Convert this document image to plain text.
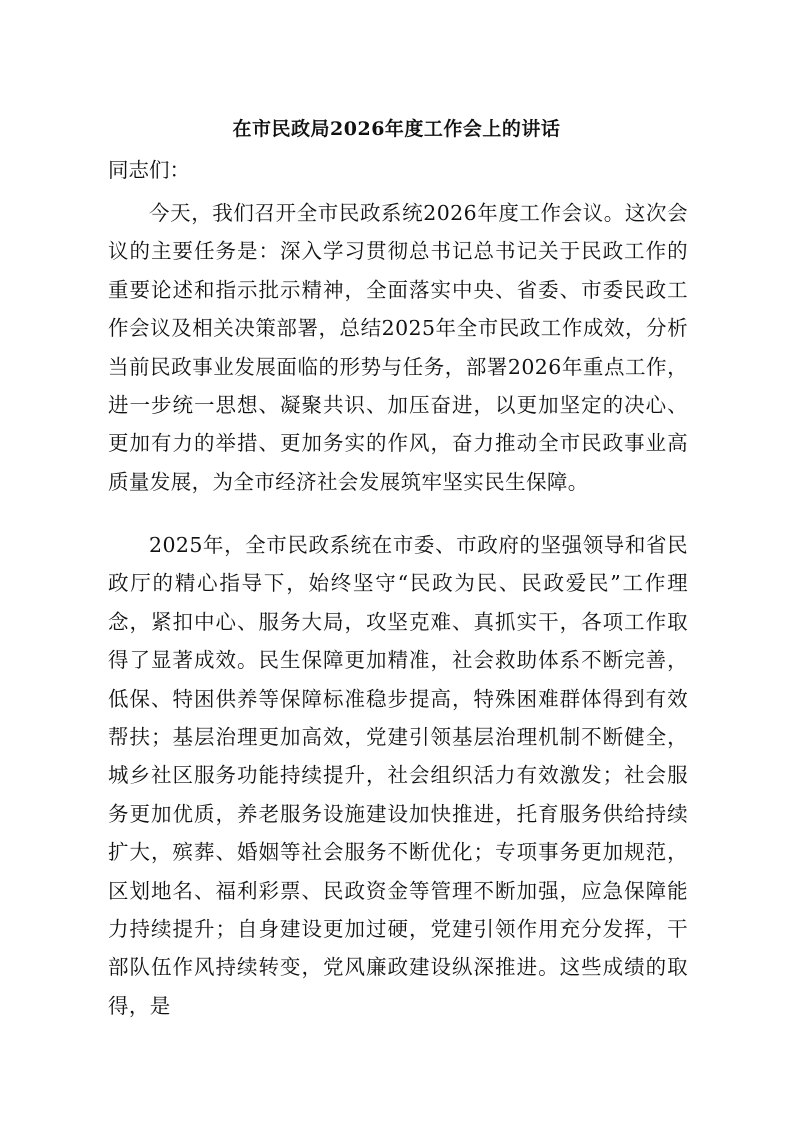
在市民政局2026年度工作会上的讲话
同志们：

今天，我们召开全市民政系统2026年度工作会议。这次会议的主要任务是：深入学习贯彻总书记总书记关于民政工作的重要论述和指示批示精神，全面落实中央、省委、市委民政工作会议及相关决策部署，总结2025年全市民政工作成效，分析当前民政事业发展面临的形势与任务，部署2026年重点工作，进一步统一思想、凝聚共识、加压奋进，以更加坚定的决心、更加有力的举措、更加务实的作风，奋力推动全市民政事业高质量发展，为全市经济社会发展筑牢坚实民生保障。

2025年，全市民政系统在市委、市政府的坚强领导和省民政厅的精心指导下，始终坚守“民政为民、民政爱民”工作理念，紧扣中心、服务大局，攻坚克难、真抓实干，各项工作取得了显著成效。民生保障更加精准，社会救助体系不断完善，低保、特困供养等保障标准稳步提高，特殊困难群体得到有效帮扶；基层治理更加高效，党建引领基层治理机制不断健全，城乡社区服务功能持续提升，社会组织活力有效激发；社会服务更加优质，养老服务设施建设加快推进，托育服务供给持续扩大，殡葬、婚姻等社会服务不断优化；专项事务更加规范，区划地名、福利彩票、民政资金等管理不断加强，应急保障能力持续提升；自身建设更加过硬，党建引领作用充分发挥，干部队伍作风持续转变，党风廉政建设纵深推进。这些成绩的取得，是
